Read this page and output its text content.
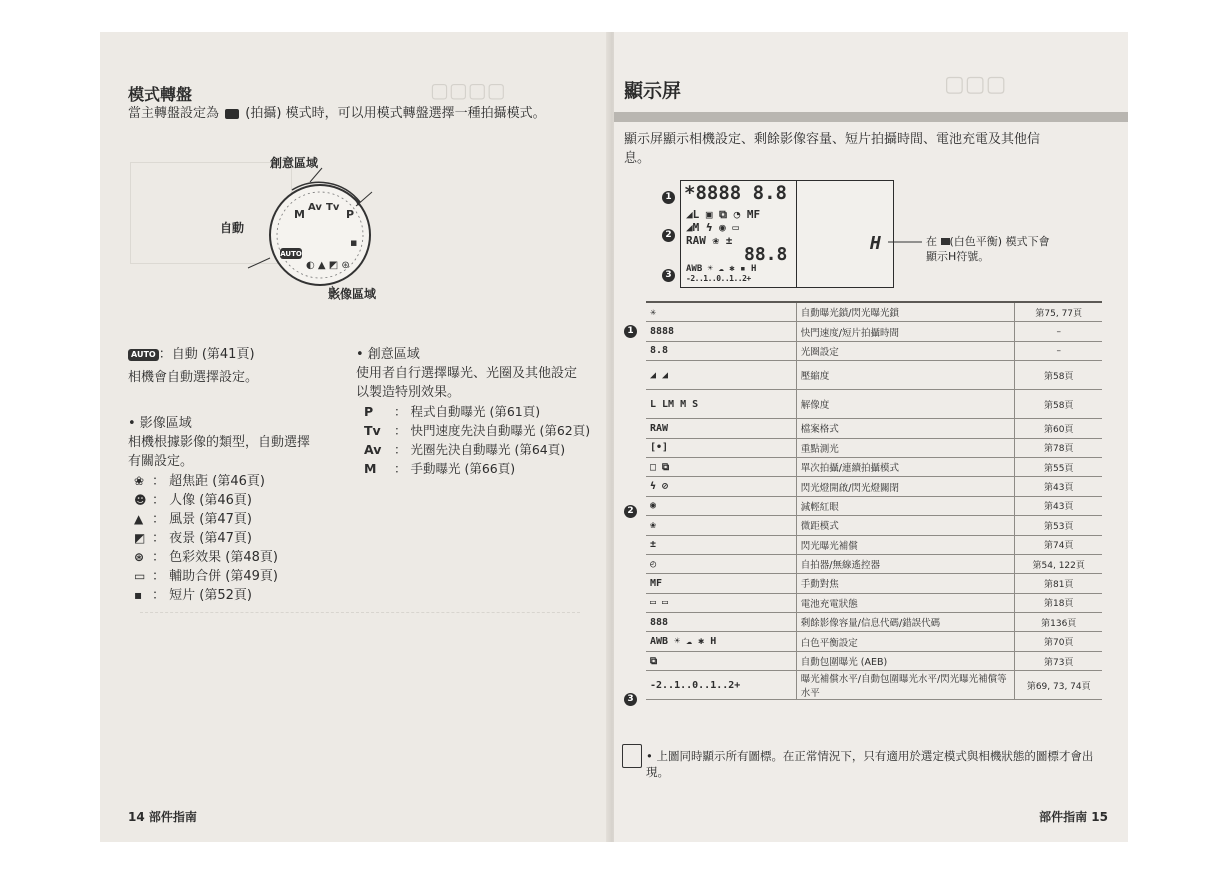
▢▢▢▢
模式轉盤
當主轉盤設定為 (拍攝) 模式時，可以用模式轉盤選擇一種拍攝模式。
AUTO
M
Av Tv
P
▪
◐ ▲ ◩ ⊛
創意區域
自動
影像區域
AUTO ：自動 (第41頁)
相機會自動選擇設定。
• 影像區域
相機根據影像的類型，自動選擇
有關設定。
❀ ： 超焦距 (第46頁)
☻ ： 人像 (第46頁)
▲ ： 風景 (第47頁)
◩ ： 夜景 (第47頁)
⊛ ： 色彩效果 (第48頁)
▭ ： 輔助合併 (第49頁)
▪ ： 短片 (第52頁)
• 創意區域
使用者自行選擇曝光、光圈及其他設定
以製造特別效果。
P ： 程式自動曝光 (第61頁)
Tv ： 快門速度先決自動曝光 (第62頁)
Av ： 光圈先決自動曝光 (第64頁)
M ： 手動曝光 (第66頁)
14 部件指南
▢▢▢
顯示屏
顯示屏顯示相機設定、剩餘影像容量、短片拍攝時間、電池充電及其他信
息。
*8888 8.8
◢L ▣ ⧉ ◔ MF
◢M ϟ ◉ ▭
RAW ❀ ±
88.8
AWB ☀ ☁ ✱ ▪ H
-2..1..0..1..2+
H	在 (白色平衡) 模式下會
顯示H符號。
1
2
3
✳	自動曝光鎖/閃光曝光鎖	第75, 77頁
8888	快門速度/短片拍攝時間	–
8.8	光圈設定	–
◢ ◢	壓縮度	第58頁
L LM M S	解像度	第58頁
RAW	檔案格式	第60頁
[•]	重點測光	第78頁
□ ⧉	單次拍攝/連續拍攝模式	第55頁
ϟ ⊘	閃光燈開啟/閃光燈關閉	第43頁
◉	減輕紅眼	第43頁
❀	微距模式	第53頁
±	閃光曝光補償	第74頁
◴	自拍器/無線遙控器	第54, 122頁
MF	手動對焦	第81頁
▭ ▭	電池充電狀態	第18頁
888	剩餘影像容量/信息代碼/錯誤代碼	第136頁
AWB ☀ ☁ ✱ H	白色平衡設定	第70頁
⧉	自動包圍曝光 (AEB)	第73頁
-2..1..0..1..2+	曝光補償水平/自動包圍曝光水平/閃光曝光補償等水平	第69, 73, 74頁
1
2
3
• 上圖同時顯示所有圖標。在正常情況下，只有適用於選定模式與相機狀態的圖標才會出現。
部件指南 15
